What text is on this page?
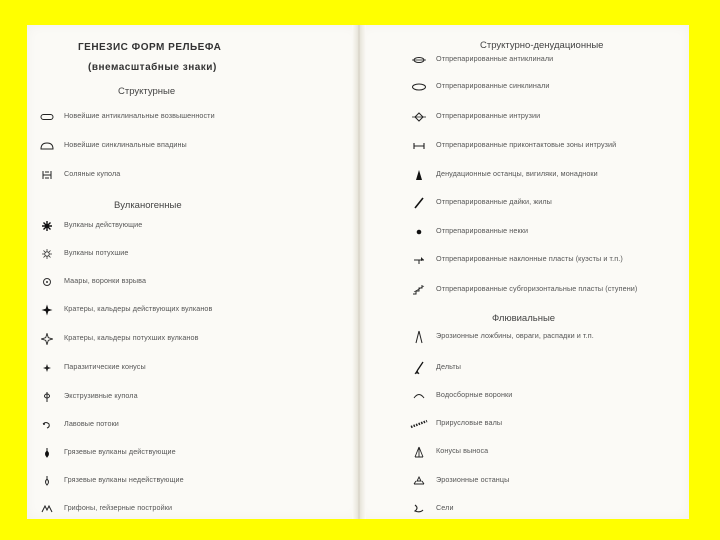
ГЕНЕЗИС ФОРМ РЕЛЬЕФА
(внемасштабные знаки)
Структурные
Новейшие антиклинальные возвышенности
Новейшие синклинальные впадины
Соляные купола
Вулканогенные
Вулканы действующие
Вулканы потухшие
Маары, воронки взрыва
Кратеры, кальдеры действующих вулканов
Кратеры, кальдеры потухших вулканов
Паразитические конусы
Экструзивные купола
Лавовые потоки
Грязевые вулканы действующие
Грязевые вулканы недействующие
Грифоны, гейзерные постройки
Структурно-денудационные
Отпрепарированные антиклинали
Отпрепарированные синклинали
Отпрепарированные интрузии
Отпрепарированные приконтактовые зоны интрузий
Денудационные останцы, вигиляки, монадноки
Отпрепарированные дайки, жилы
Отпрепарированные некки
Отпрепарированные наклонные пласты (куэсты и т.п.)
Отпрепарированные субгоризонтальные пласты (ступени)
Флювиальные
Эрозионные ложбины, овраги, распадки и т.п.
Дельты
Водосборные воронки
Прирусловые валы
Конусы выноса
Эрозионные останцы
Сели
